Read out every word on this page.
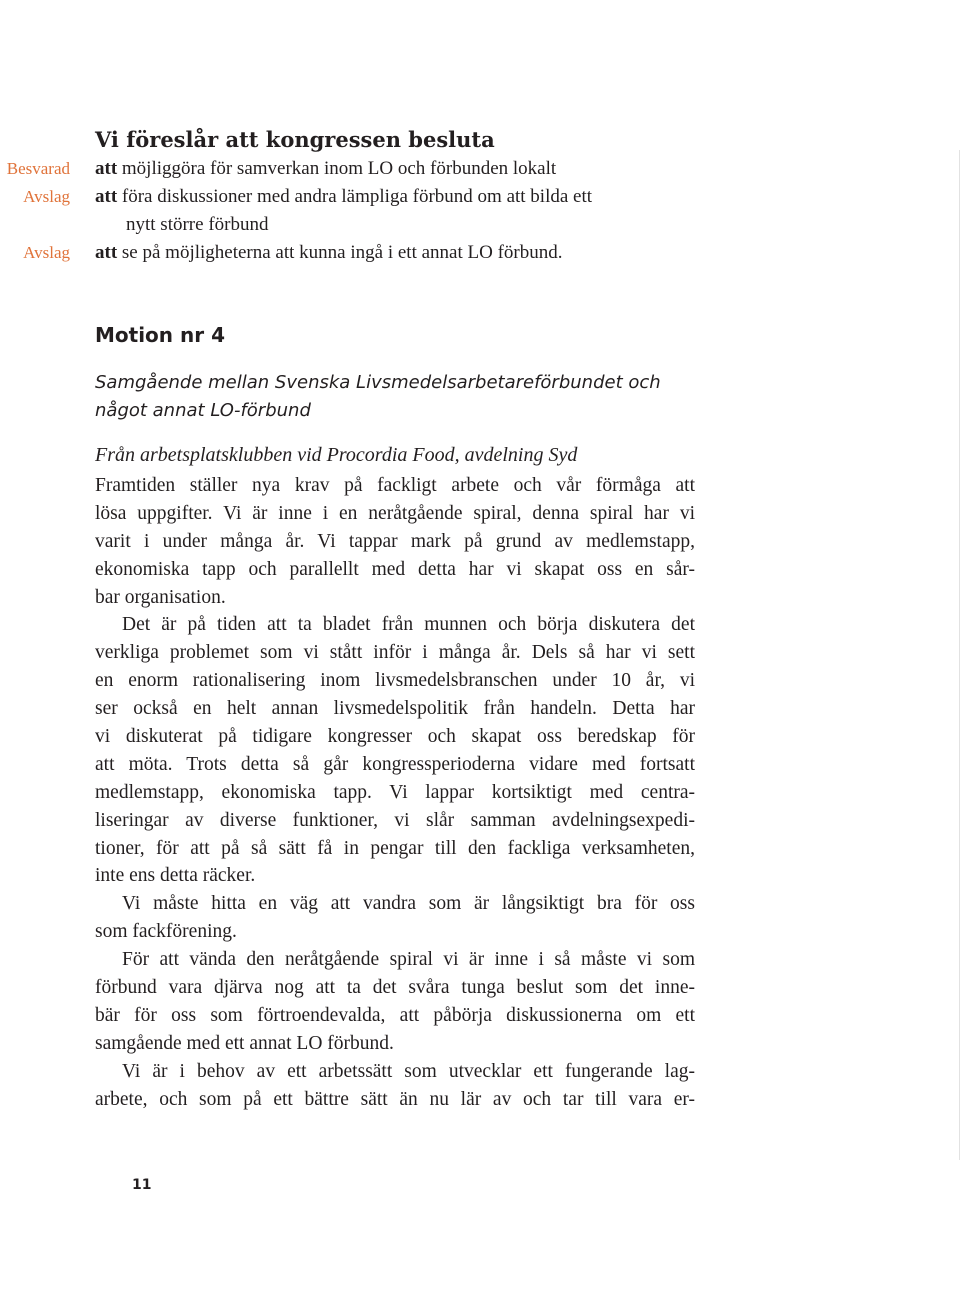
Vi föreslår att kongressen besluta
Besvarad att möjliggöra för samverkan inom LO och förbunden lokalt
Avslag att föra diskussioner med andra lämpliga förbund om att bilda ett
nytt större förbund
Avslag att se på möjligheterna att kunna ingå i ett annat LO förbund.
Motion nr 4
Samgående mellan Svenska Livsmedelsarbetareförbundet och
något annat LO-förbund

Från arbetsplatsklubben vid Procordia Food, avdelning Syd

Framtiden ställer nya krav på fackligt arbete och vår förmåga att
lösa uppgifter. Vi är inne i en neråtgående spiral, denna spiral har vi
varit i under många år. Vi tappar mark på grund av medlemstapp,
ekonomiska tapp och parallellt med detta har vi skapat oss en sår-
bar organisation.
Det är på tiden att ta bladet från munnen och börja diskutera det
verkliga problemet som vi stått inför i många år. Dels så har vi sett
en enorm rationalisering inom livsmedelsbranschen under 10 år, vi
ser också en helt annan livsmedelspolitik från handeln. Detta har
vi diskuterat på tidigare kongresser och skapat oss beredskap för
att möta. Trots detta så går kongressperioderna vidare med fortsatt
medlemstapp, ekonomiska tapp. Vi lappar kortsiktigt med centra-
liseringar av diverse funktioner, vi slår samman avdelningsexpedi-
tioner, för att på så sätt få in pengar till den fackliga verksamheten,
inte ens detta räcker.
Vi måste hitta en väg att vandra som är långsiktigt bra för oss
som fackförening.
För att vända den neråtgående spiral vi är inne i så måste vi som
förbund vara djärva nog att ta det svåra tunga beslut som det inne-
bär för oss som förtroendevalda, att påbörja diskussionerna om ett
samgående med ett annat LO förbund.
Vi är i behov av ett arbetssätt som utvecklar ett fungerande lag-
arbete, och som på ett bättre sätt än nu lär av och tar till vara er-
11
